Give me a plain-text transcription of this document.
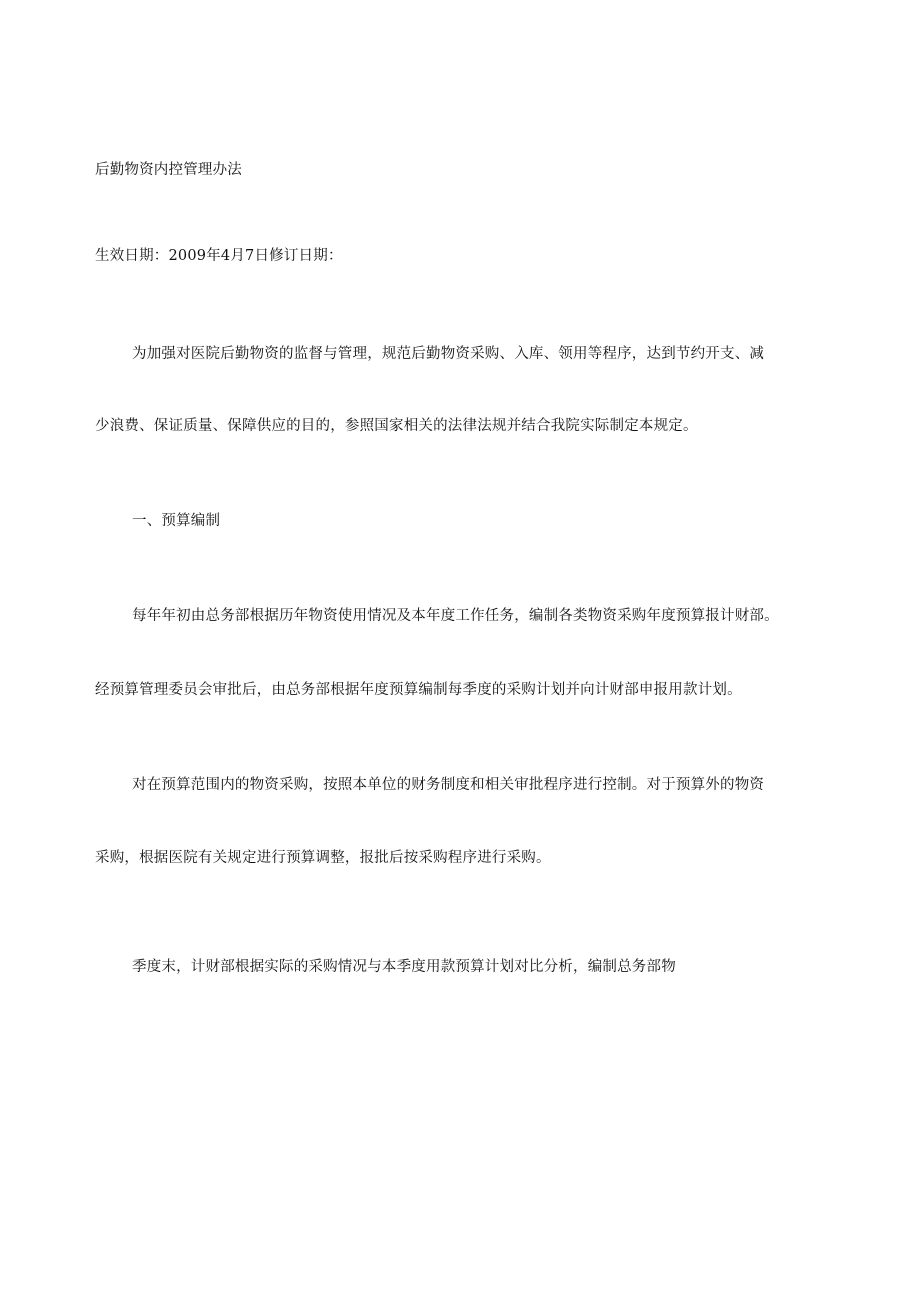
后勤物资内控管理办法
生效日期：2009年4月7日修订日期：
为加强对医院后勤物资的监督与管理，规范后勤物资采购、入库、领用等程序，达到节约开支、减
少浪费、保证质量、保障供应的目的，参照国家相关的法律法规并结合我院实际制定本规定。
一、预算编制
每年年初由总务部根据历年物资使用情况及本年度工作任务，编制各类物资采购年度预算报计财部。
经预算管理委员会审批后，由总务部根据年度预算编制每季度的采购计划并向计财部申报用款计划。
对在预算范围内的物资采购，按照本单位的财务制度和相关审批程序进行控制。对于预算外的物资
采购，根据医院有关规定进行预算调整，报批后按采购程序进行采购。
季度末，计财部根据实际的采购情况与本季度用款预算计划对比分析，编制总务部物
